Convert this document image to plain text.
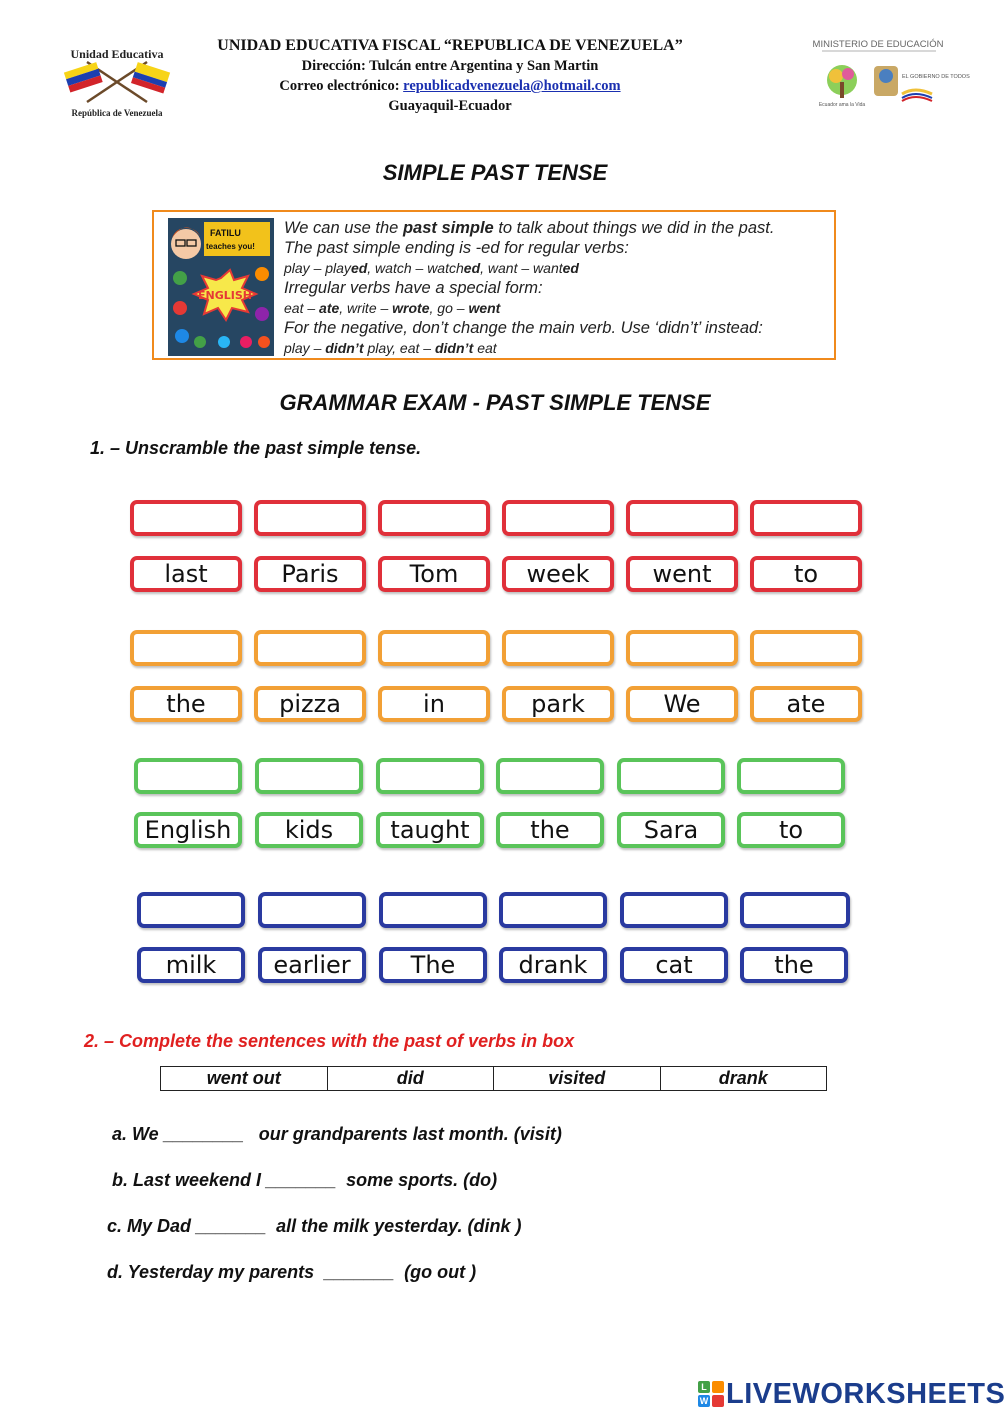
Unidad Educativa
República de Venezuela
UNIDAD EDUCATIVA FISCAL “REPUBLICA DE VENEZUELA”
Dirección: Tulcán entre Argentina y San Martin
Correo electrónico: republicadvenezuela@hotmail.com
Guayaquil-Ecuador
MINISTERIO DE EDUCACIÓN
Ecuador ama la Vida
EL GOBIERNO DE TODOS
SIMPLE PAST TENSE
FATILU
teaches you!
ENGLISH
We can use the past simple to talk about things we did in the past.
The past simple ending is -ed for regular verbs:
play – played, watch – watched, want – wanted
Irregular verbs have a special form:
eat – ate, write – wrote, go – went
For the negative, don’t change the main verb. Use ‘didn’t’ instead:
play – didn’t play, eat – didn’t eat
GRAMMAR EXAM - PAST SIMPLE TENSE
1. – Unscramble the past simple tense.
last	Paris	Tom	week	went	to
the	pizza	in	park	We	ate
English	kids	taught	the	Sara	to
milk	earlier	The	drank	cat	the
2. – Complete the sentences with the past of verbs in box
went out	did	visited	drank
a. We ________   our grandparents last month. (visit)
b. Last weekend I _______  some sports. (do)
c. My Dad _______  all the milk yesterday. (dink )
d. Yesterday my parents  _______  (go out )
L
W LIVEWORKSHEETS
